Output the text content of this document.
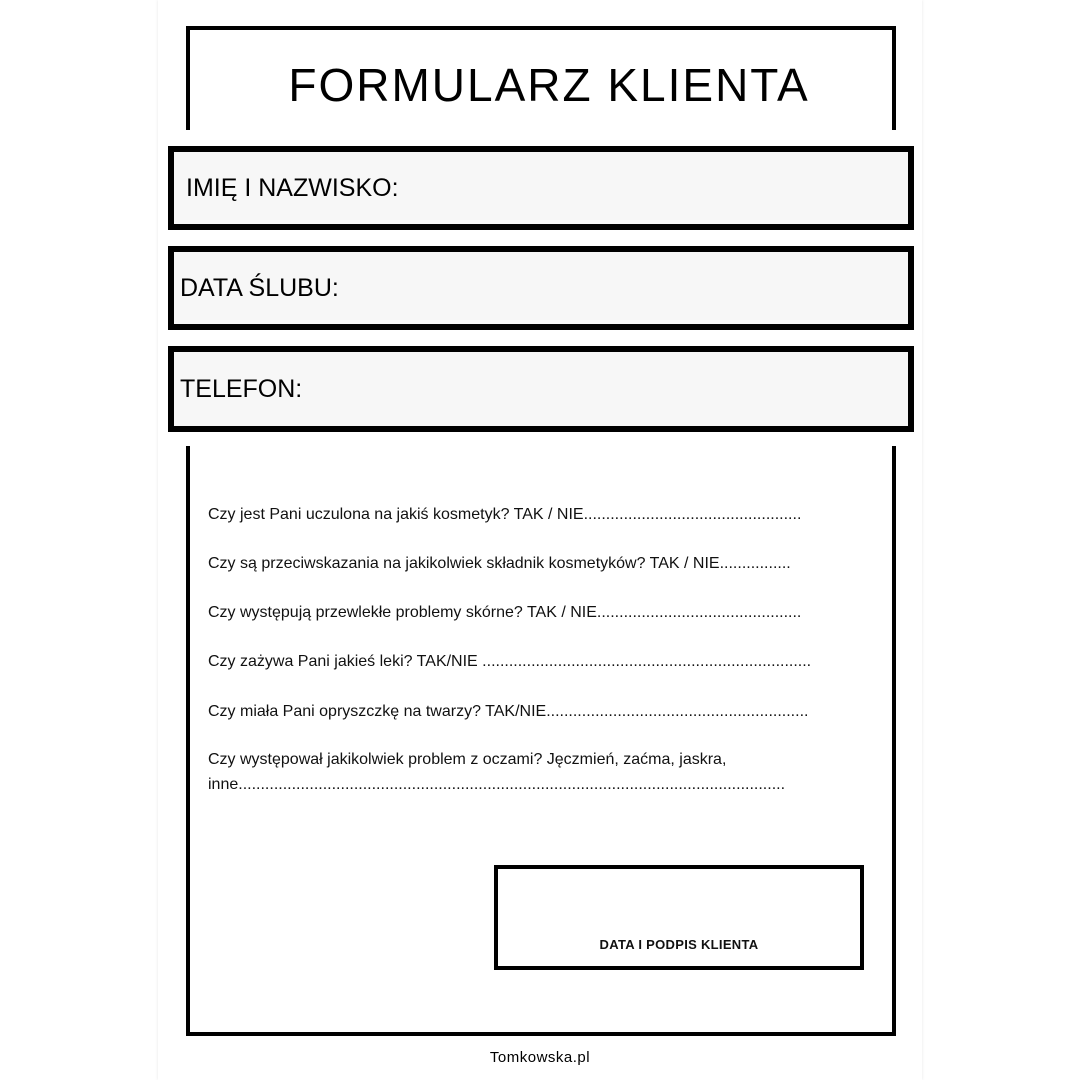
FORMULARZ KLIENTA
IMIĘ I NAZWISKO:
DATA ŚLUBU:
TELEFON:
Czy jest Pani uczulona na jakiś kosmetyk? TAK / NIE.................................................
Czy są przeciwskazania na jakikolwiek składnik kosmetyków? TAK / NIE................
Czy występują przewlekłe problemy skórne? TAK / NIE..............................................
Czy zażywa Pani jakieś leki? TAK/NIE ..........................................................................
Czy miała Pani opryszczkę na twarzy? TAK/NIE...........................................................
Czy występował jakikolwiek problem z oczami? Jęczmień, zaćma, jaskra,
inne...........................................................................................................................
DATA I PODPIS KLIENTA
Tomkowska.pl
